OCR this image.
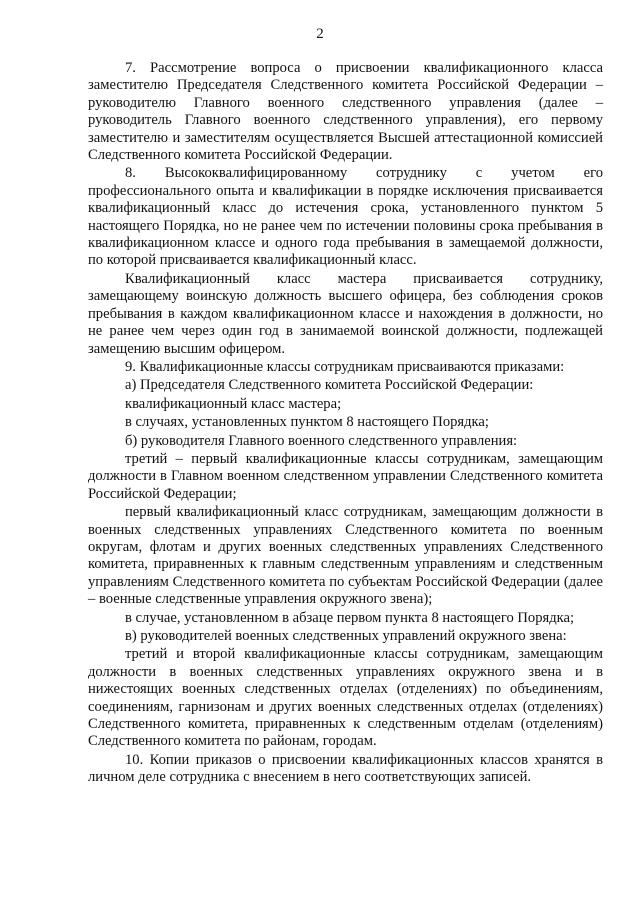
2

7. Рассмотрение вопроса о присвоении квалификационного класса заместителю Председателя Следственного комитета Российской Федерации – руководителю Главного военного следственного управления (далее – руководитель Главного военного следственного управления), его первому заместителю и заместителям осуществляется Высшей аттестационной комиссией Следственного комитета Российской Федерации.

8. Высококвалифицированному сотруднику с учетом его профессионального опыта и квалификации в порядке исключения присваивается квалификационный класс до истечения срока, установленного пунктом 5 настоящего Порядка, но не ранее чем по истечении половины срока пребывания в квалификационном классе и одного года пребывания в замещаемой должности, по которой присваивается квалификационный класс.

Квалификационный класс мастера присваивается сотруднику, замещающему воинскую должность высшего офицера, без соблюдения сроков пребывания в каждом квалификационном классе и нахождения в должности, но не ранее чем через один год в занимаемой воинской должности, подлежащей замещению высшим офицером.

9. Квалификационные классы сотрудникам присваиваются приказами:

а) Председателя Следственного комитета Российской Федерации:

квалификационный класс мастера;

в случаях, установленных пунктом 8 настоящего Порядка;

б) руководителя Главного военного следственного управления:

третий – первый квалификационные классы сотрудникам, замещающим должности в Главном военном следственном управлении Следственного комитета Российской Федерации;

первый квалификационный класс сотрудникам, замещающим должности в военных следственных управлениях Следственного комитета по военным округам, флотам и других военных следственных управлениях Следственного комитета, приравненных к главным следственным управлениям и следственным управлениям Следственного комитета по субъектам Российской Федерации (далее – военные следственные управления окружного звена);

в случае, установленном в абзаце первом пункта 8 настоящего Порядка;

в) руководителей военных следственных управлений окружного звена:

третий и второй квалификационные классы сотрудникам, замещающим должности в военных следственных управлениях окружного звена и в нижестоящих военных следственных отделах (отделениях) по объединениям, соединениям, гарнизонам и других военных следственных отделах (отделениях) Следственного комитета, приравненных к следственным отделам (отделениям) Следственного комитета по районам, городам.

10. Копии приказов о присвоении квалификационных классов хранятся в личном деле сотрудника с внесением в него соответствующих записей.
